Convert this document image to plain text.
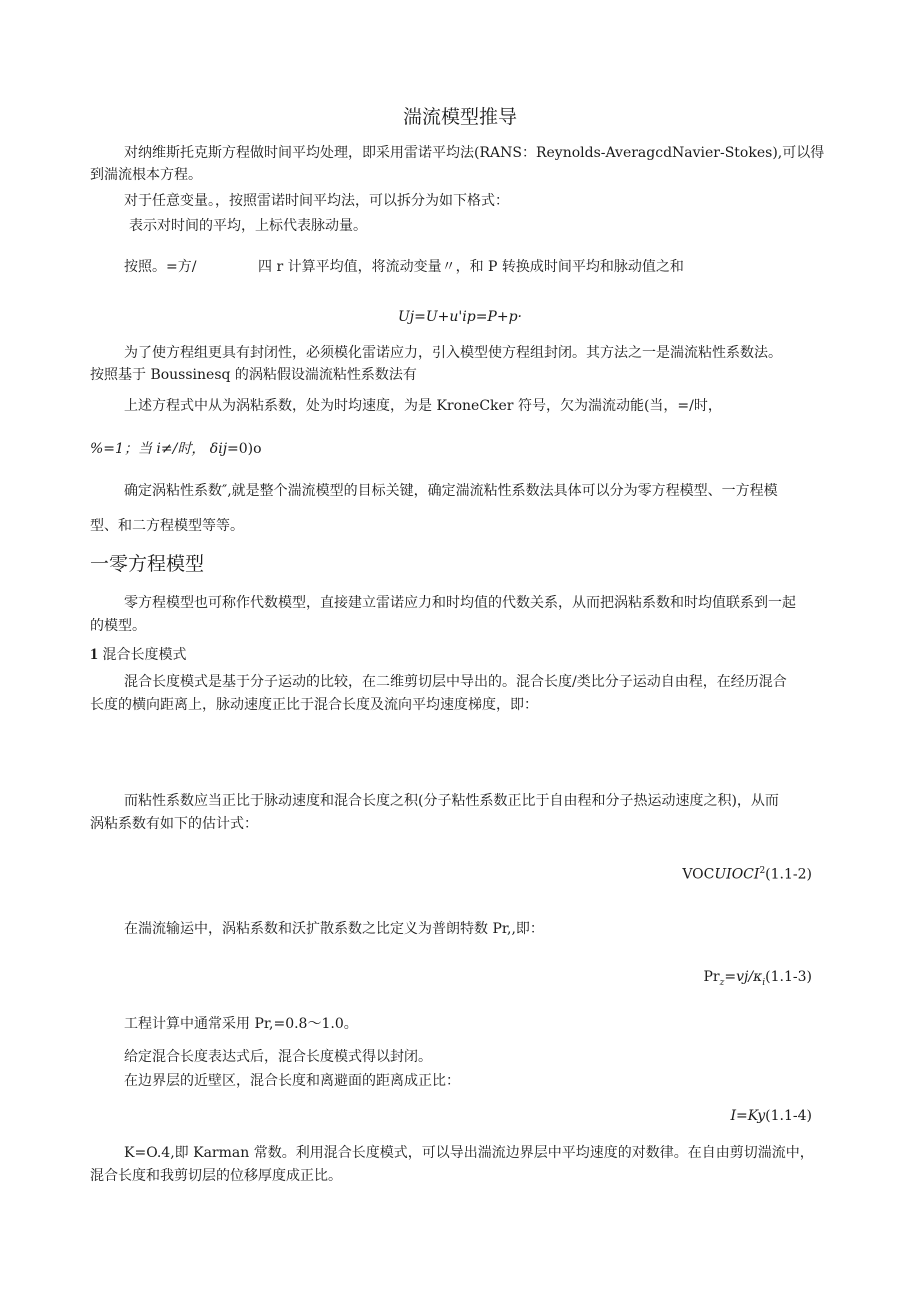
湍流模型推导
对纳维斯托克斯方程做时间平均处理，即采用雷诺平均法(RANS：Reynolds-AveragcdNavier-Stokes),可以得
到湍流根本方程。
对于任意变量。，按照雷诺时间平均法，可以拆分为如下格式：
表示对时间的平均，上标代表脉动量。
按照。=方/	四 r 计算平均值，将流动变量〃，和 P 转换成时间平均和脉动值之和
Uj=U+u'ip=P+p·
为了使方程组更具有封闭性，必须模化雷诺应力，引入模型使方程组封闭。其方法之一是湍流粘性系数法。
按照基于 Boussinesq 的涡粘假设湍流粘性系数法有
上述方程式中从为涡粘系数，处为时均速度，为是 KroneCker 符号，欠为湍流动能(当，=/时，
%=1；当 i≠/时， δij=0)o
确定涡粘性系数″,就是整个湍流模型的目标关键，确定湍流粘性系数法具体可以分为零方程模型、一方程模
型、和二方程模型等等。
一零方程模型
零方程模型也可称作代数模型，直接建立雷诺应力和时均值的代数关系，从而把涡粘系数和时均值联系到一起
的模型。
1 混合长度模式
混合长度模式是基于分子运动的比较，在二维剪切层中导出的。混合长度/类比分子运动自由程，在经历混合
长度的横向距离上，脉动速度正比于混合长度及流向平均速度梯度，即：
而粘性系数应当正比于脉动速度和混合长度之积(分子粘性系数正比于自由程和分子热运动速度之积)，从而
涡粘系数有如下的估计式：
VOCUIOCI$^2$(1.1-2)
在湍流输运中，涡粘系数和沃扩散系数之比定义为普朗特数 Pr,,即：
$Pr_z=vj/\kappa_i(1.1-3)$
工程计算中通常采用 Pr,=0.8～1.0。
给定混合长度表达式后，混合长度模式得以封闭。
在边界层的近壁区，混合长度和离避面的距离成正比：
I=Ky(1.1-4)
K=O.4,即 Karman 常数。利用混合长度模式，可以导出湍流边界层中平均速度的对数律。在自由剪切湍流中，
混合长度和我剪切层的位移厚度成正比。
